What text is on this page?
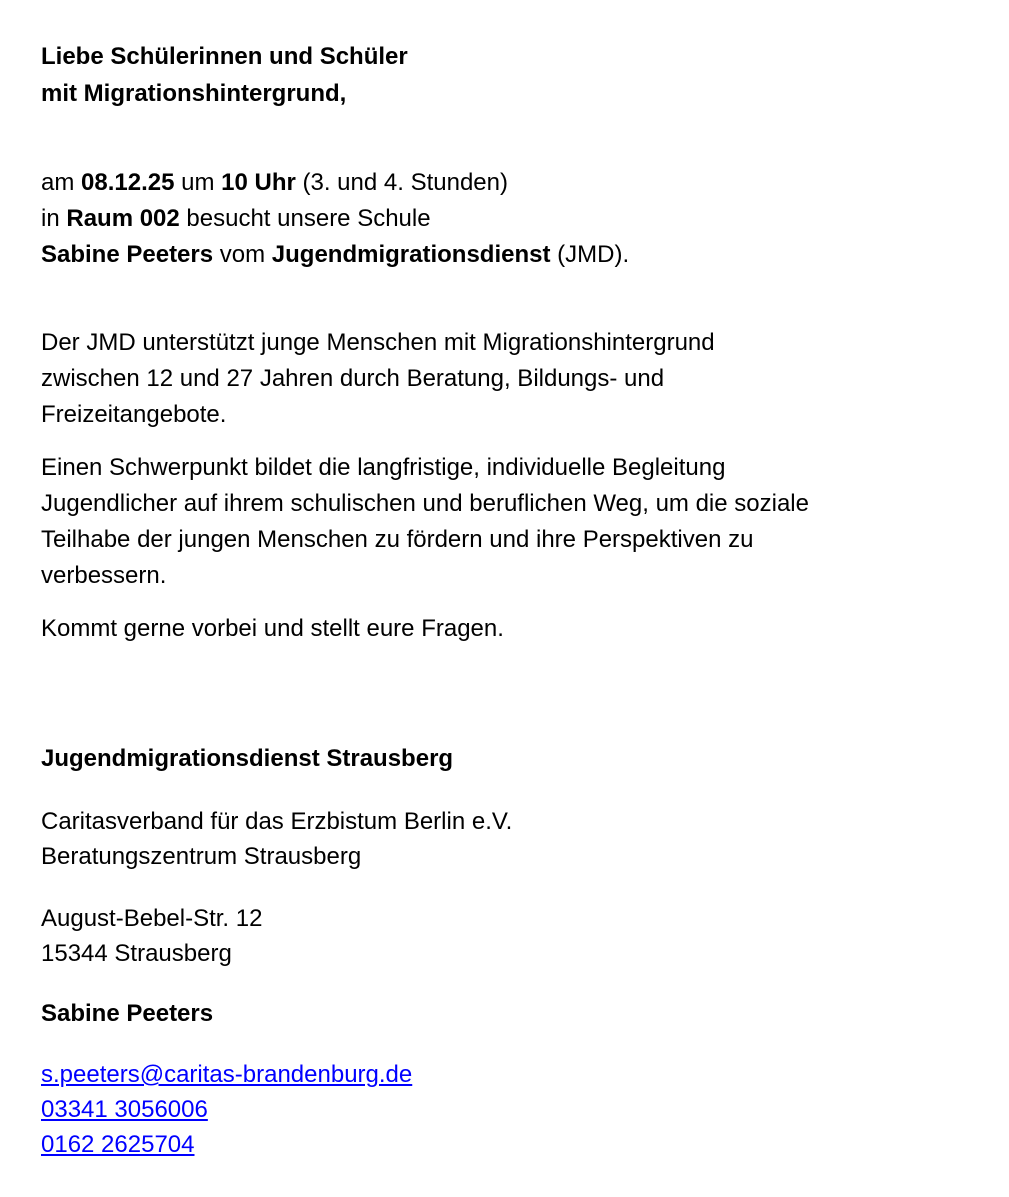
Liebe Schülerinnen und Schüler
mit Migrationshintergrund,
am 08.12.25 um 10 Uhr (3. und 4. Stunden)
in Raum 002 besucht unsere Schule
Sabine Peeters vom Jugendmigrationsdienst (JMD).
Der JMD unterstützt junge Menschen mit Migrationshintergrund
zwischen 12 und 27 Jahren durch Beratung, Bildungs- und
Freizeitangebote.
Einen Schwerpunkt bildet die langfristige, individuelle Begleitung
Jugendlicher auf ihrem schulischen und beruflichen Weg, um die soziale
Teilhabe der jungen Menschen zu fördern und ihre Perspektiven zu
verbessern.
Kommt gerne vorbei und stellt eure Fragen.
Jugendmigrationsdienst Strausberg
Caritasverband für das Erzbistum Berlin e.V.
Beratungszentrum Strausberg
August-Bebel-Str. 12
15344 Strausberg
Sabine Peeters
s.peeters@caritas-brandenburg.de
03341 3056006
0162 2625704
